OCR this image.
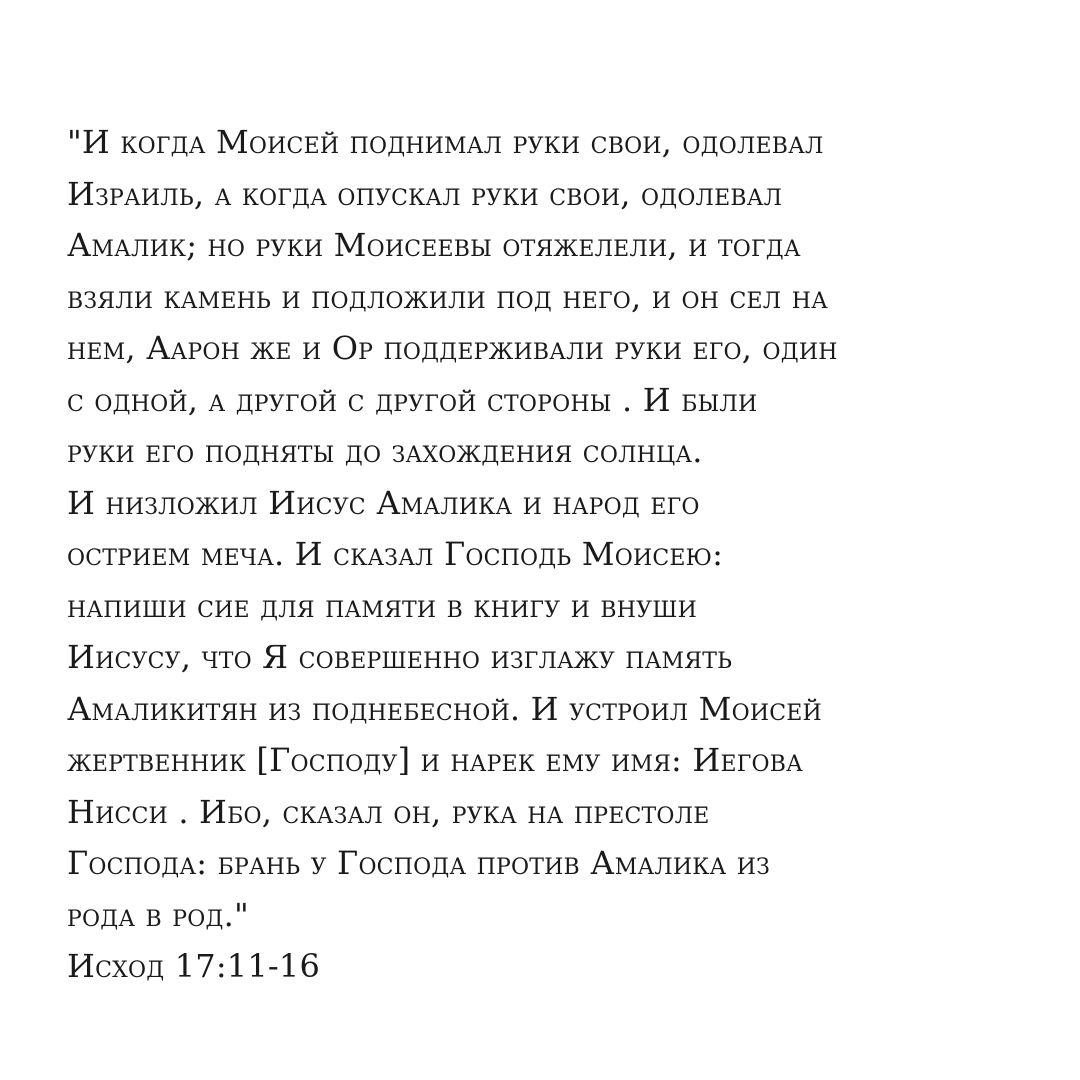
"И когда Моисей поднимал руки свои, одолевал
Израиль, а когда опускал руки свои, одолевал
Амалик; но руки Моисеевы отяжелели, и тогда
взяли камень и подложили под него, и он сел на
нем, Аарон же и Ор поддерживали руки его, один
с одной, а другой с другой стороны . И были
руки его подняты до захождения солнца.
И низложил Иисус Амалика и народ его
острием меча. И сказал Господь Моисею:
напиши сие для памяти в книгу и внуши
Иисусу, что Я совершенно изглажу память
Амаликитян из поднебесной. И устроил Моисей
жертвенник [Господу] и нарек ему имя: Иегова
Нисси . Ибо, сказал он, рука на престоле
Господа: брань у Господа против Амалика из
рода в род."
Исход 17:11-16
